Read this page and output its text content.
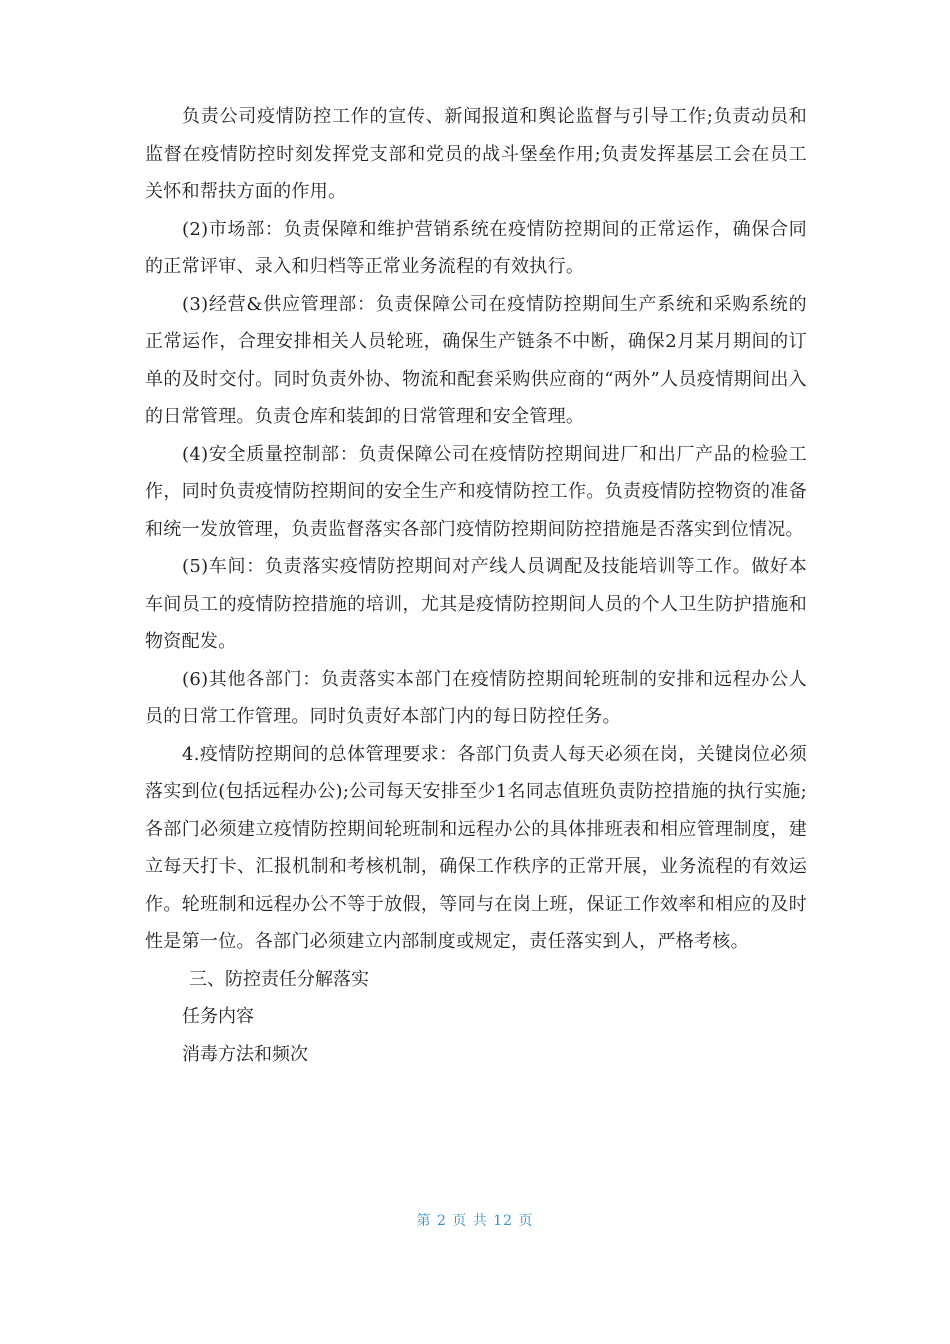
负责公司疫情防控工作的宣传、新闻报道和舆论监督与引导工作;负责动员和监督在疫情防控时刻发挥党支部和党员的战斗堡垒作用;负责发挥基层工会在员工关怀和帮扶方面的作用。

(2)市场部：负责保障和维护营销系统在疫情防控期间的正常运作，确保合同的正常评审、录入和归档等正常业务流程的有效执行。

(3)经营&供应管理部：负责保障公司在疫情防控期间生产系统和采购系统的正常运作，合理安排相关人员轮班，确保生产链条不中断，确保2月某月期间的订单的及时交付。同时负责外协、物流和配套采购供应商的“两外”人员疫情期间出入的日常管理。负责仓库和装卸的日常管理和安全管理。

(4)安全质量控制部：负责保障公司在疫情防控期间进厂和出厂产品的检验工作，同时负责疫情防控期间的安全生产和疫情防控工作。负责疫情防控物资的准备和统一发放管理，负责监督落实各部门疫情防控期间防控措施是否落实到位情况。

(5)车间：负责落实疫情防控期间对产线人员调配及技能培训等工作。做好本车间员工的疫情防控措施的培训，尤其是疫情防控期间人员的个人卫生防护措施和物资配发。

(6)其他各部门：负责落实本部门在疫情防控期间轮班制的安排和远程办公人员的日常工作管理。同时负责好本部门内的每日防控任务。

4.疫情防控期间的总体管理要求：各部门负责人每天必须在岗，关键岗位必须落实到位(包括远程办公);公司每天安排至少1名同志值班负责防控措施的执行实施;各部门必须建立疫情防控期间轮班制和远程办公的具体排班表和相应管理制度，建立每天打卡、汇报机制和考核机制，确保工作秩序的正常开展，业务流程的有效运作。轮班制和远程办公不等于放假，等同与在岗上班，保证工作效率和相应的及时性是第一位。各部门必须建立内部制度或规定，责任落实到人，严格考核。

三、防控责任分解落实

任务内容

消毒方法和频次

第 2 页 共 12 页
